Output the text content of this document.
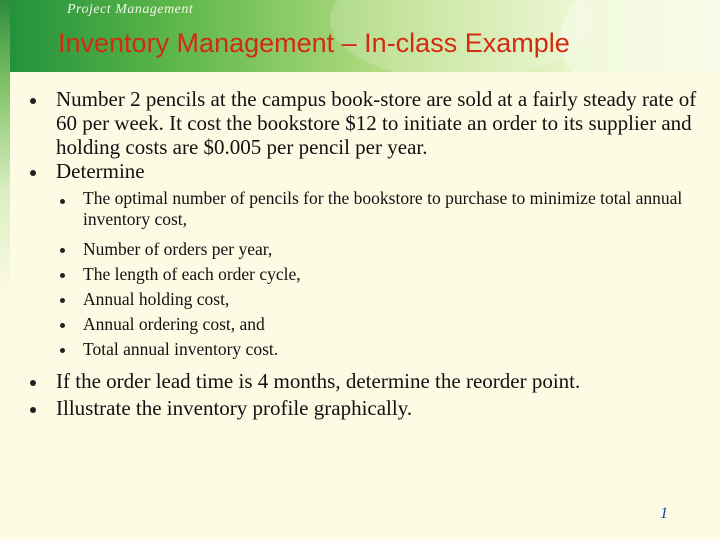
Project Management
Inventory Management – In-class Example
Number 2 pencils at the campus book-store are sold at a fairly steady rate of 60 per week. It cost the bookstore $12 to initiate an order to its supplier and holding costs are $0.005 per pencil per year.
Determine
The optimal number of pencils for the bookstore to purchase to minimize total annual inventory cost,
Number of orders per year,
The length of each order cycle,
Annual holding cost,
Annual ordering cost, and
Total annual inventory cost.
If the order lead time is 4 months, determine the reorder point.
Illustrate the inventory profile graphically.
1
